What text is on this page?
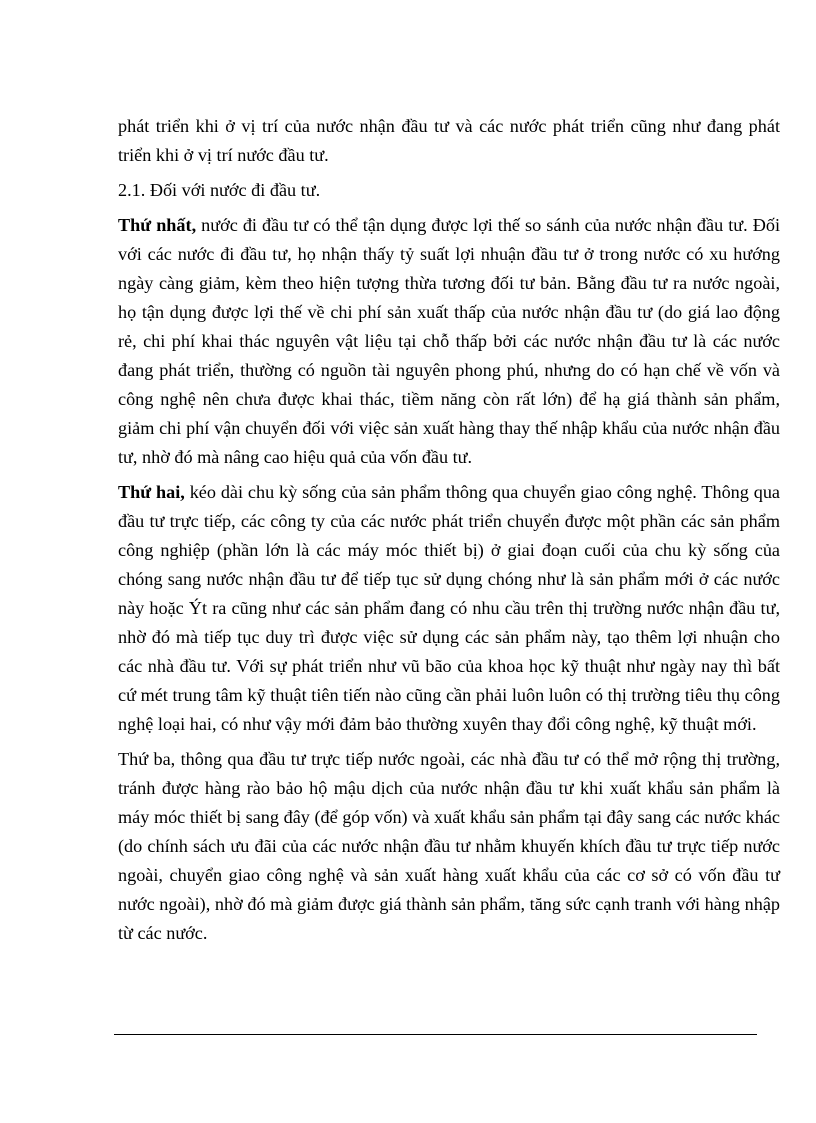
phát triển khi ở vị trí của nước nhận đầu tư và các nước phát triển cũng như đang phát triển khi ở vị trí nước đầu tư.

2.1. Đối với nước đi đầu tư.

Thứ nhất, nước đi đầu tư có thể tận dụng được lợi thế so sánh của nước nhận đầu tư. Đối với các nước đi đầu tư, họ nhận thấy tỷ suất lợi nhuận đầu tư ở trong nước có xu hướng ngày càng giảm, kèm theo hiện tượng thừa tương đối tư bản. Bằng đầu tư ra nước ngoài, họ tận dụng được lợi thế về chi phí sản xuất thấp của nước nhận đầu tư (do giá lao động rẻ, chi phí khai thác nguyên vật liệu tại chỗ thấp bởi các nước nhận đầu tư là các nước đang phát triển, thường có nguồn tài nguyên phong phú, nhưng do có hạn chế về vốn và công nghệ nên chưa được khai thác, tiềm năng còn rất lớn) để hạ giá thành sản phẩm, giảm chi phí vận chuyển đối với việc sản xuất hàng thay thế nhập khẩu của nước nhận đầu tư, nhờ đó mà nâng cao hiệu quả của vốn đầu tư.

Thứ hai, kéo dài chu kỳ sống của sản phẩm thông qua chuyển giao công nghệ. Thông qua đầu tư trực tiếp, các công ty của các nước phát triển chuyển được một phần các sản phẩm công nghiệp (phần lớn là các máy móc thiết bị) ở giai đoạn cuối của chu kỳ sống của chóng sang nước nhận đầu tư để tiếp tục sử dụng chóng như là sản phẩm mới ở các nước này hoặc Ýt ra cũng như các sản phẩm đang có nhu cầu trên thị trường nước nhận đầu tư, nhờ đó mà tiếp tục duy trì được việc sử dụng các sản phẩm này, tạo thêm lợi nhuận cho các nhà đầu tư. Với sự phát triển như vũ bão của khoa học kỹ thuật như ngày nay thì bất cứ mét trung tâm kỹ thuật tiên tiến nào cũng cần phải luôn luôn có thị trường tiêu thụ công nghệ loại hai, có như vậy mới đảm bảo thường xuyên thay đổi công nghệ, kỹ thuật mới.

Thứ ba, thông qua đầu tư trực tiếp nước ngoài, các nhà đầu tư có thể mở rộng thị trường, tránh được hàng rào bảo hộ mậu dịch của nước nhận đầu tư khi xuất khẩu sản phẩm là máy móc thiết bị sang đây (để góp vốn) và xuất khẩu sản phẩm tại đây sang các nước khác (do chính sách ưu đãi của các nước nhận đầu tư nhằm khuyến khích đầu tư trực tiếp nước ngoài, chuyển giao công nghệ và sản xuất hàng xuất khẩu của các cơ sở có vốn đầu tư nước ngoài), nhờ đó mà giảm được giá thành sản phẩm, tăng sức cạnh tranh với hàng nhập từ các nước.
